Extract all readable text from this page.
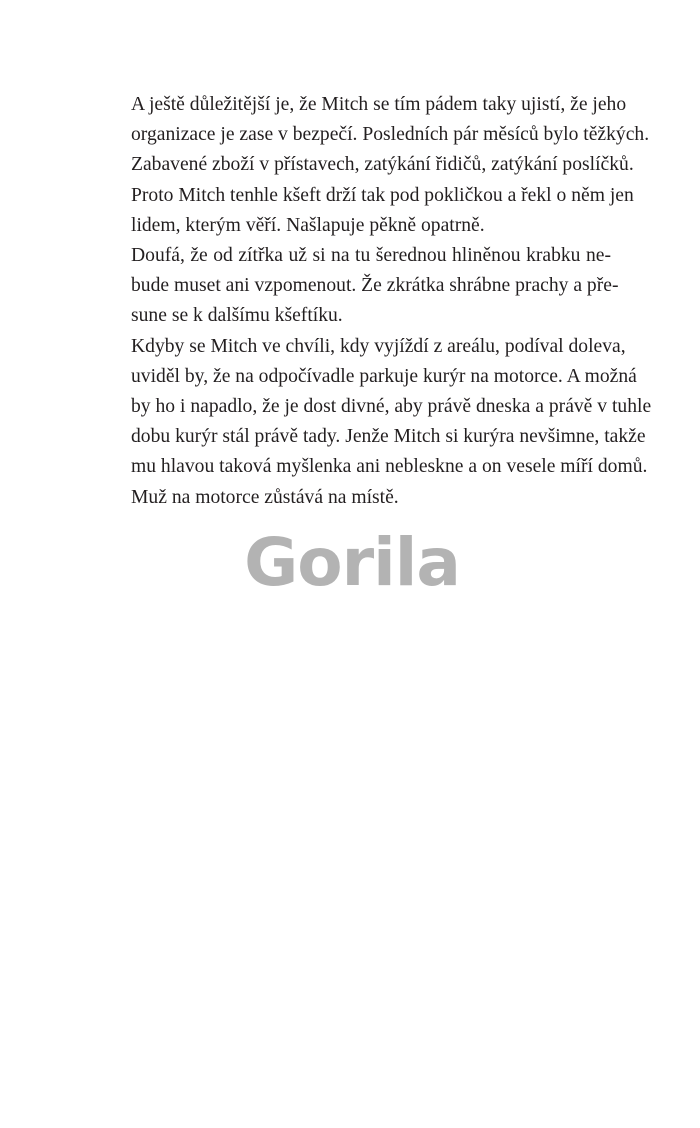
A ještě důležitější je, že Mitch se tím pádem taky ujistí, že jeho
organizace je zase v bezpečí. Posledních pár měsíců bylo těžkých.
Zabavené zboží v přístavech, zatýkání řidičů, zatýkání poslíčků.
Proto Mitch tenhle kšeft drží tak pod pokličkou a řekl o něm jen
lidem, kterým věří. Našlapuje pěkně opatrně.

Doufá, že od zítřka už si na tu šerednou hliněnou krabku ne-
bude muset ani vzpomenout. Že zkrátka shrábne prachy a pře-
sune se k dalšímu kšeftíku.

Kdyby se Mitch ve chvíli, kdy vyjíždí z areálu, podíval doleva,
uviděl by, že na odpočívadle parkuje kurýr na motorce. A možná
by ho i napadlo, že je dost divné, aby právě dneska a právě v tuhle
dobu kurýr stál právě tady. Jenže Mitch si kurýra nevšimne, takže
mu hlavou taková myšlenka ani nebleskne a on vesele míří domů.

Muž na motorce zůstává na místě.

Gorila
